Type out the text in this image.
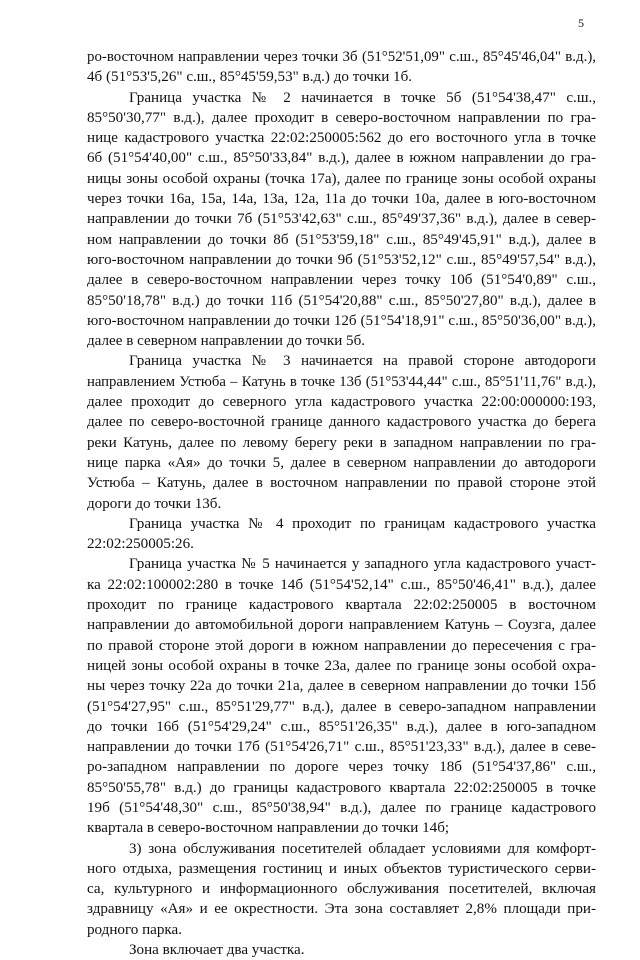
5
ро-восточном направлении через точки 3б (51°52'51,09" с.ш., 85°45'46,04" в.д.),
4б (51°53'5,26" с.ш., 85°45'59,53" в.д.) до точки 1б.
Граница участка № 2 начинается в точке 5б (51°54'38,47" с.ш.,
85°50'30,77" в.д.), далее проходит в северо-восточном направлении по гра-
нице кадастрового участка 22:02:250005:562 до его восточного угла в точке
6б (51°54'40,00" с.ш., 85°50'33,84" в.д.), далее в южном направлении до гра-
ницы зоны особой охраны (точка 17а), далее по границе зоны особой охраны
через точки 16а, 15а, 14а, 13а, 12а, 11а до точки 10а, далее в юго-восточном
направлении до точки 7б (51°53'42,63" с.ш., 85°49'37,36" в.д.), далее в север-
ном направлении до точки 8б (51°53'59,18" с.ш., 85°49'45,91" в.д.), далее в
юго-восточном направлении до точки 9б (51°53'52,12" с.ш., 85°49'57,54" в.д.),
далее в северо-восточном направлении через точку 10б (51°54'0,89" с.ш.,
85°50'18,78" в.д.) до точки 11б (51°54'20,88" с.ш., 85°50'27,80" в.д.), далее в
юго-восточном направлении до точки 12б (51°54'18,91" с.ш., 85°50'36,00" в.д.),
далее в северном направлении до точки 5б.
Граница участка № 3 начинается на правой стороне автодороги
направлением Устюба – Катунь в точке 13б (51°53'44,44" с.ш., 85°51'11,76" в.д.),
далее проходит до северного угла кадастрового участка 22:00:000000:193,
далее по северо-восточной границе данного кадастрового участка до берега
реки Катунь, далее по левому берегу реки в западном направлении по гра-
нице парка «Ая» до точки 5, далее в северном направлении до автодороги
Устюба – Катунь, далее в восточном направлении по правой стороне этой
дороги до точки 13б.
Граница участка № 4 проходит по границам кадастрового участка
22:02:250005:26.
Граница участка № 5 начинается у западного угла кадастрового участ-
ка 22:02:100002:280 в точке 14б (51°54'52,14" с.ш., 85°50'46,41" в.д.), далее
проходит по границе кадастрового квартала 22:02:250005 в восточном
направлении до автомобильной дороги направлением Катунь – Соузга, далее
по правой стороне этой дороги в южном направлении до пересечения с гра-
ницей зоны особой охраны в точке 23а, далее по границе зоны особой охра-
ны через точку 22а до точки 21а, далее в северном направлении до точки 15б
(51°54'27,95" с.ш., 85°51'29,77" в.д.), далее в северо-западном направлении
до точки 16б (51°54'29,24" с.ш., 85°51'26,35" в.д.), далее в юго-западном
направлении до точки 17б (51°54'26,71" с.ш., 85°51'23,33" в.д.), далее в севе-
ро-западном направлении по дороге через точку 18б (51°54'37,86" с.ш.,
85°50'55,78" в.д.) до границы кадастрового квартала 22:02:250005 в точке
19б (51°54'48,30" с.ш., 85°50'38,94" в.д.), далее по границе кадастрового
квартала в северо-восточном направлении до точки 14б;
3) зона обслуживания посетителей обладает условиями для комфорт-
ного отдыха, размещения гостиниц и иных объектов туристического серви-
са, культурного и информационного обслуживания посетителей, включая
здравницу «Ая» и ее окрестности. Эта зона составляет 2,8% площади при-
родного парка.
Зона включает два участка.
